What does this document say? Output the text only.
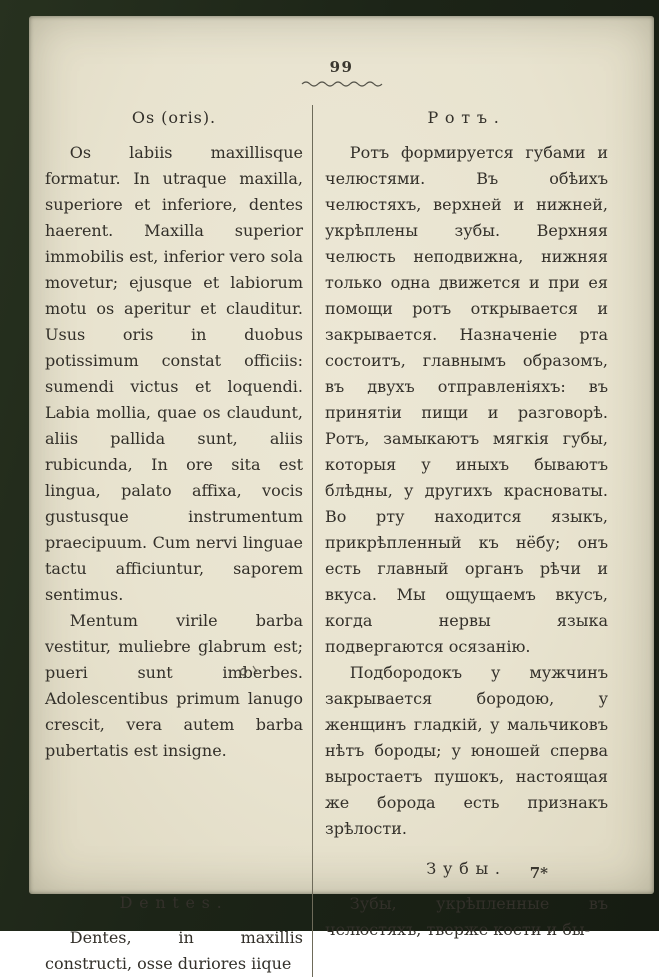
99
Os (oris).

Os labiis maxillisque formatur. In utraque maxilla, superiore et inferiore, dentes haerent. Maxilla superior immobilis est, inferior vero sola movetur; ejusque et labiorum motu os aperitur et clauditur. Usus oris in duobus potissimum constat officiis: sumendi victus et loquendi. Labia mollia, quae os claudunt, aliis pallida sunt, aliis rubicunda, In ore sita est lingua, palato affixa, vocis gustusque instrumentum praecipuum. Cum nervi linguae tactu afficiuntur, saporem sentimus.

Mentum virile barba vestitur, muliebre glabrum est; pueri sunt imberbes. Adolescentibus primum lanugo crescit, vera autem barba pubertatis est insigne.

Dentes.

Dentes, in maxillis constructi, osse duriores iique

Ротъ.

Ротъ формируется губами и челюстями. Въ обѣихъ челюстяхъ, верхней и нижней, укрѣплены зубы. Верхняя челюсть неподвижна, нижняя только одна движется и при ея помощи ротъ открывается и закрывается. Назначеніе рта состоитъ, главнымъ образомъ, въ двухъ отправленіяхъ: въ принятіи пищи и разговорѣ. Ротъ, замыкаютъ мягкія губы, которыя у иныхъ бываютъ блѣдны, у другихъ красноваты. Во рту находится языкъ, прикрѣпленный къ нёбу; онъ есть главный органъ рѣчи и вкуса. Мы ощущаемъ вкусъ, когда нервы языка подвергаются осязанію.

Подбородокъ у мужчинъ закрывается бородою, у женщинъ гладкій, у мальчиковъ нѣтъ бороды; у юношей сперва выростаетъ пушокъ, настоящая же борода есть признакъ зрѣлости.

Зубы.

Зубы, укрѣпленные въ челюстяхъ, тверже кости и бы-

7*
